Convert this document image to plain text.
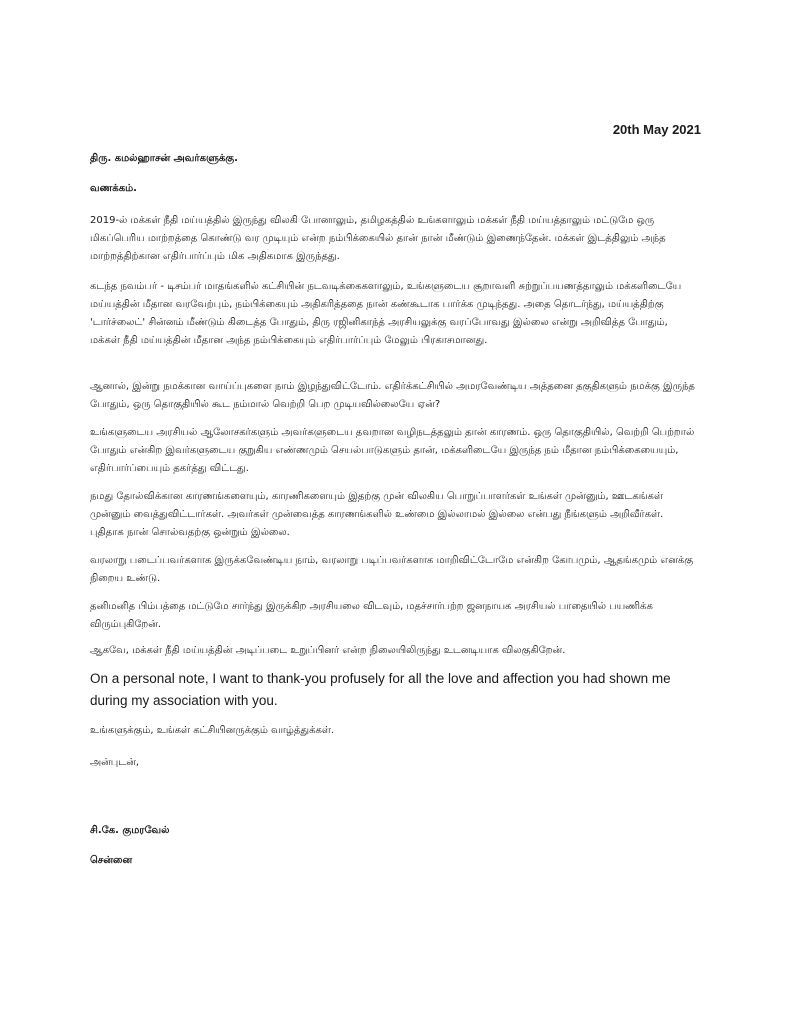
20th May 2021
திரு. கமல்ஹாசன் அவர்களுக்கு.
வணக்கம்.

2019-ல் மக்கள் நீதி மய்யத்தில் இருந்து விலகி போனாலும், தமிழகத்தில் உங்களாலும் மக்கள் நீதி மய்யத்தாலும் மட்டுமே ஒரு மிகப்பெரிய மாற்றத்தை கொண்டு வர முடியும் என்ற நம்பிக்கையில் தான் நான் மீண்டும் இணைந்தேன். மக்கள் இடத்திலும் அந்த மாற்றத்திற்கான எதிர்பார்ப்பும் மிக அதிகமாக இருந்தது.

கடந்த நவம்பர் - டிசம்பர் மாதங்களில் கட்சியின் நடவடிக்கைகளாலும், உங்களுடைய சூறாவளி சுற்றுப்பயணத்தாலும் மக்களிடையே மய்யத்தின் மீதான வரவேற்பும், நம்பிக்கையும் அதிகரித்ததை நான் கண்கூடாக பார்க்க முடிந்தது. அதை தொடர்ந்து, மய்யத்திற்கு 'டார்ச்லைட்' சின்னம் மீண்டும் கிடைத்த போதும், திரு ரஜினிகாந்த் அரசியலுக்கு வரப்போவது இல்லை என்று அறிவித்த போதும், மக்கள் நீதி மய்யத்தின் மீதான அந்த நம்பிக்கையும் எதிர்பார்ப்பும் மேலும் பிரகாசமானது.

ஆனால், இன்று நமக்கான வாய்ப்புகளை நாம் இழந்துவிட்டோம். எதிர்க்கட்சியில் அமரவேண்டிய அத்தனை தகுதிகளும் நமக்கு இருந்த போதும், ஒரு தொகுதியில் கூட நம்மால் வெற்றி பெற முடியவில்லையே ஏன்?

உங்களுடைய அரசியல் ஆலோசகர்களும் அவர்களுடைய தவறான வழிநடத்தலும் தான் காரணம். ஒரு தொகுதியில், வெற்றி பெற்றால் போதும் என்கிற இவர்களுடைய குறுகிய எண்ணமும் செயல்பாடுகளும் தான், மக்களிடையே இருந்த நம் மீதான நம்பிக்கையையும், எதிர்பார்ப்பையும் தகர்த்து விட்டது.

நமது தோல்விக்கான காரணங்களையும், காரணிகளையும் இதற்கு முன் விலகிய பொறுப்பாளர்கள் உங்கள் முன்னும், ஊடகங்கள் முன்னும் வைத்துவிட்டார்கள். அவர்கள் முன்வைத்த காரணங்களில் உண்மை இல்லாமல் இல்லை என்பது நீங்களும் அறிவீர்கள். புதிதாக நான் சொல்வதற்கு ஒன்றும் இல்லை.

வரலாறு படைப்பவர்களாக இருக்கவேண்டிய நாம், வரலாறு படிப்பவர்களாக மாறிவிட்டோமே என்கிற கோபமும், ஆதங்கமும் எனக்கு நிறைய உண்டு.

தனிமனித பிம்பத்தை மட்டுமே சார்ந்து இருக்கிற அரசியலை விடவும், மதச்சார்பற்ற ஜனநாயக அரசியல் பாதையில் பயணிக்க விரும்புகிறேன்.

ஆகவே, மக்கள் நீதி மய்யத்தின் அடிப்படை உறுப்பினர் என்ற நிலையிலிருந்து உடனடியாக விலகுகிறேன்.

On a personal note, I want to thank-you profusely for all the love and affection you had shown me during my association with you.

உங்களுக்கும், உங்கள் கட்சியினருக்கும் வாழ்த்துக்கள்.
அன்புடன்,
சி.கே. குமரவேல்
சென்னை
